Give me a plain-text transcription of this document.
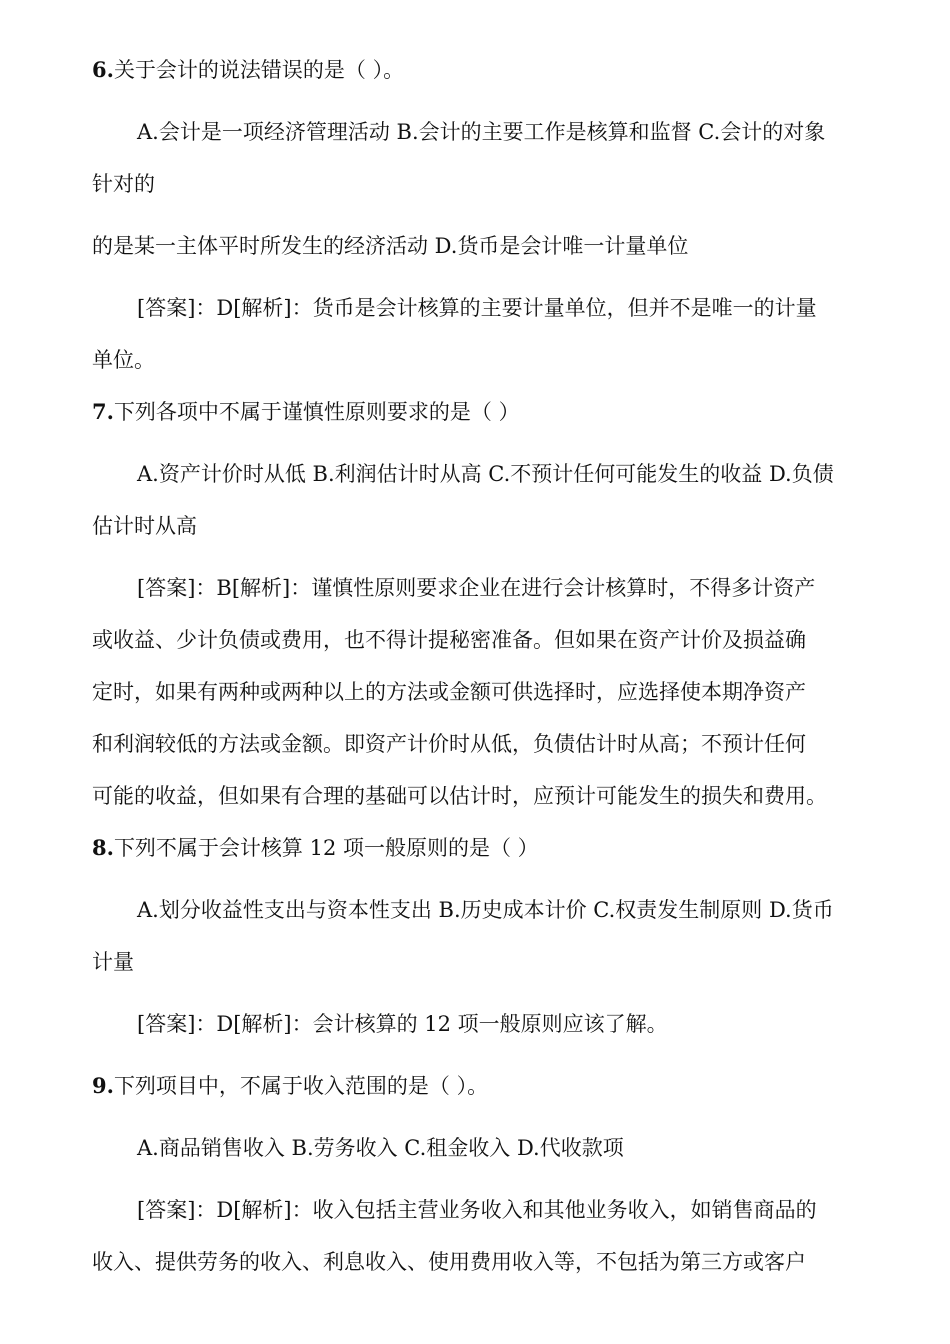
6.关于会计的说法错误的是（ ）。
A.会计是一项经济管理活动 B.会计的主要工作是核算和监督 C.会计的对象
针对的
的是某一主体平时所发生的经济活动 D.货币是会计唯一计量单位
[答案]：D[解析]：货币是会计核算的主要计量单位，但并不是唯一的计量
单位。
7.下列各项中不属于谨慎性原则要求的是（ ）
A.资产计价时从低 B.利润估计时从高 C.不预计任何可能发生的收益 D.负债
估计时从高
[答案]：B[解析]：谨慎性原则要求企业在进行会计核算时，不得多计资产
或收益、少计负债或费用，也不得计提秘密准备。但如果在资产计价及损益确
定时，如果有两种或两种以上的方法或金额可供选择时，应选择使本期净资产
和利润较低的方法或金额。即资产计价时从低，负债估计时从高；不预计任何
可能的收益，但如果有合理的基础可以估计时，应预计可能发生的损失和费用。
8.下列不属于会计核算 12 项一般原则的是（ ）
A.划分收益性支出与资本性支出 B.历史成本计价 C.权责发生制原则 D.货币
计量
[答案]：D[解析]：会计核算的 12 项一般原则应该了解。
9.下列项目中，不属于收入范围的是（ ）。
A.商品销售收入 B.劳务收入 C.租金收入 D.代收款项
[答案]：D[解析]：收入包括主营业务收入和其他业务收入，如销售商品的
收入、提供劳务的收入、利息收入、使用费用收入等，不包括为第三方或客户
